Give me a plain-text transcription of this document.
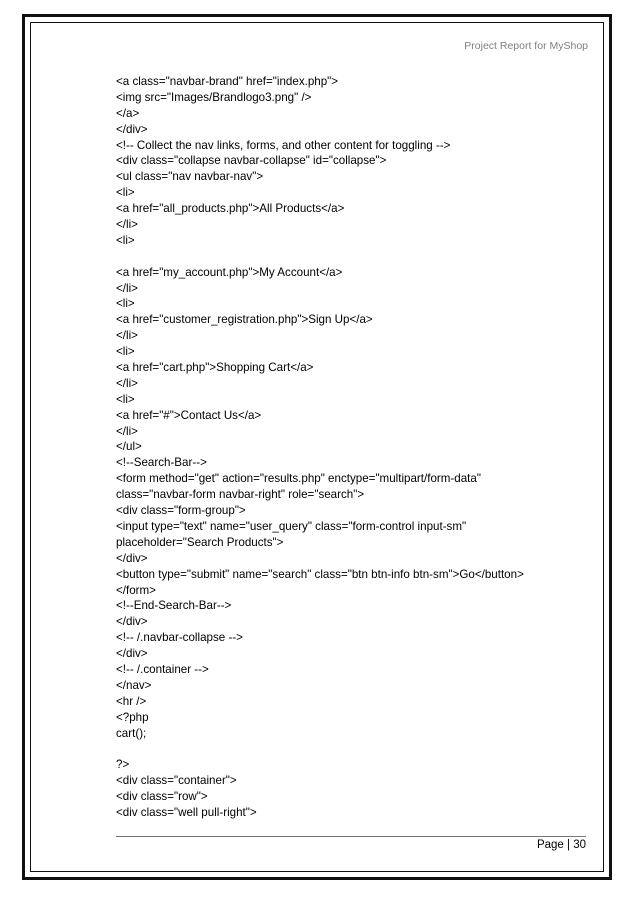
Project Report for MyShop
<a class="navbar-brand" href="index.php">
<img src="Images/Brandlogo3.png" />
</a>
</div>
<!-- Collect the nav links, forms, and other content for toggling -->
<div class="collapse navbar-collapse" id="collapse">
<ul class="nav navbar-nav">
<li>
<a href="all_products.php">All Products</a>
</li>
<li>
<a href="my_account.php">My Account</a>
</li>
<li>
<a href="customer_registration.php">Sign Up</a>
</li>
<li>
<a href="cart.php">Shopping Cart</a>
</li>
<li>
<a href="#">Contact Us</a>
</li>
</ul>
<!--Search-Bar-->
<form method="get" action="results.php" enctype="multipart/form-data"
class="navbar-form navbar-right" role="search">
<div class="form-group">
<input type="text" name="user_query" class="form-control input-sm"
placeholder="Search Products">
</div>
<button type="submit" name="search" class="btn btn-info btn-sm">Go</button>
</form>
<!--End-Search-Bar-->
</div>
<!-- /.navbar-collapse -->
</div>
<!-- /.container -->
</nav>
<hr />
<?php
cart();
?>
<div class="container">
<div class="row">
<div class="well pull-right">
Page | 30
